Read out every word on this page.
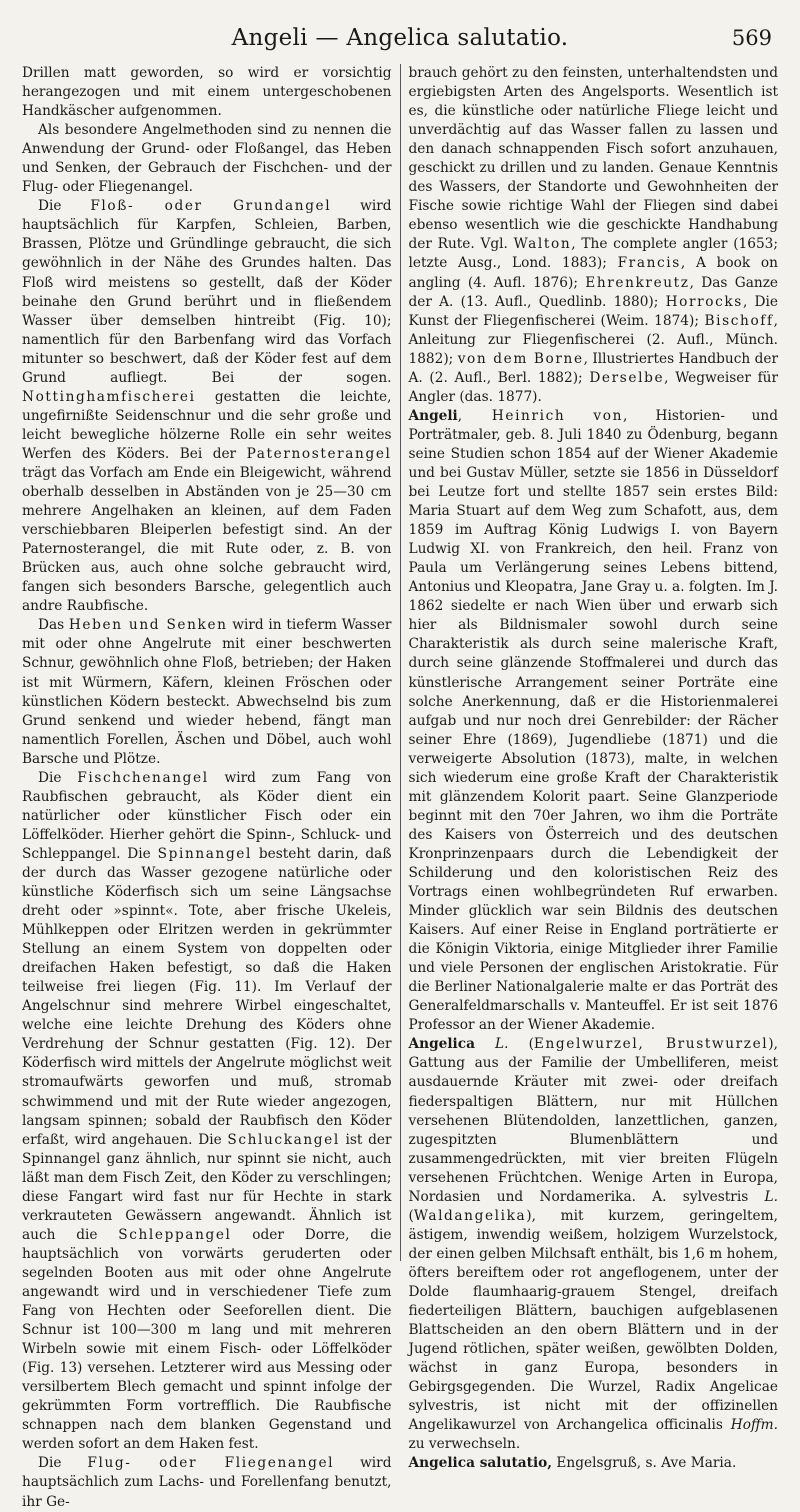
Angeli — Angelica salutatio.	569

Drillen matt geworden, so wird er vorsichtig herangezogen und mit einem untergeschobenen Handkäscher aufgenommen.

Als besondere Angelmethoden sind zu nennen die Anwendung der Grund- oder Floßangel, das Heben und Senken, der Gebrauch der Fischchen- und der Flug- oder Fliegenangel.

Die Floß- oder Grundangel wird hauptsächlich für Karpfen, Schleien, Barben, Brassen, Plötze und Gründlinge gebraucht, die sich gewöhnlich in der Nähe des Grundes halten. Das Floß wird meistens so gestellt, daß der Köder beinahe den Grund berührt und in fließendem Wasser über demselben hintreibt (Fig. 10); namentlich für den Barbenfang wird das Vorfach mitunter so beschwert, daß der Köder fest auf dem Grund aufliegt. Bei der sogen. Nottinghamfischerei gestatten die leichte, ungefirnißte Seidenschnur und die sehr große und leicht bewegliche hölzerne Rolle ein sehr weites Werfen des Köders. Bei der Paternosterangel trägt das Vorfach am Ende ein Bleigewicht, während oberhalb desselben in Abständen von je 25—30 cm mehrere Angelhaken an kleinen, auf dem Faden verschiebbaren Bleiperlen befestigt sind. An der Paternosterangel, die mit Rute oder, z. B. von Brücken aus, auch ohne solche gebraucht wird, fangen sich besonders Barsche, gelegentlich auch andre Raubfische.

Das Heben und Senken wird in tieferm Wasser mit oder ohne Angelrute mit einer beschwerten Schnur, gewöhnlich ohne Floß, betrieben; der Haken ist mit Würmern, Käfern, kleinen Fröschen oder künstlichen Ködern besteckt. Abwechselnd bis zum Grund senkend und wieder hebend, fängt man namentlich Forellen, Äschen und Döbel, auch wohl Barsche und Plötze.

Die Fischchenangel wird zum Fang von Raubfischen gebraucht, als Köder dient ein natürlicher oder künstlicher Fisch oder ein Löffelköder. Hierher gehört die Spinn-, Schluck- und Schleppangel. Die Spinnangel besteht darin, daß der durch das Wasser gezogene natürliche oder künstliche Köderfisch sich um seine Längsachse dreht oder »spinnt«. Tote, aber frische Ukeleis, Mühlkeppen oder Elritzen werden in gekrümmter Stellung an einem System von doppelten oder dreifachen Haken befestigt, so daß die Haken teilweise frei liegen (Fig. 11). Im Verlauf der Angelschnur sind mehrere Wirbel eingeschaltet, welche eine leichte Drehung des Köders ohne Verdrehung der Schnur gestatten (Fig. 12). Der Köderfisch wird mittels der Angelrute möglichst weit stromaufwärts geworfen und muß, stromab schwimmend und mit der Rute wieder angezogen, langsam spinnen; sobald der Raubfisch den Köder erfaßt, wird angehauen. Die Schluckangel ist der Spinnangel ganz ähnlich, nur spinnt sie nicht, auch läßt man dem Fisch Zeit, den Köder zu verschlingen; diese Fangart wird fast nur für Hechte in stark verkrauteten Gewässern angewandt. Ähnlich ist auch die Schleppangel oder Dorre, die hauptsächlich von vorwärts geruderten oder segelnden Booten aus mit oder ohne Angelrute angewandt wird und in verschiedener Tiefe zum Fang von Hechten oder Seeforellen dient. Die Schnur ist 100—300 m lang und mit mehreren Wirbeln sowie mit einem Fisch- oder Löffelköder (Fig. 13) versehen. Letzterer wird aus Messing oder versilbertem Blech gemacht und spinnt infolge der gekrümmten Form vortrefflich. Die Raubfische schnappen nach dem blanken Gegenstand und werden sofort an dem Haken fest.

Die Flug- oder Fliegenangel wird hauptsächlich zum Lachs- und Forellenfang benutzt, ihr Ge-

brauch gehört zu den feinsten, unterhaltendsten und ergiebigsten Arten des Angelsports. Wesentlich ist es, die künstliche oder natürliche Fliege leicht und unverdächtig auf das Wasser fallen zu lassen und den danach schnappenden Fisch sofort anzuhauen, geschickt zu drillen und zu landen. Genaue Kenntnis des Wassers, der Standorte und Gewohnheiten der Fische sowie richtige Wahl der Fliegen sind dabei ebenso wesentlich wie die geschickte Handhabung der Rute. Vgl. Walton, The complete angler (1653; letzte Ausg., Lond. 1883); Francis, A book on angling (4. Aufl. 1876); Ehrenkreutz, Das Ganze der A. (13. Aufl., Quedlinb. 1880); Horrocks, Die Kunst der Fliegenfischerei (Weim. 1874); Bischoff, Anleitung zur Fliegenfischerei (2. Aufl., Münch. 1882); von dem Borne, Illustriertes Handbuch der A. (2. Aufl., Berl. 1882); Derselbe, Wegweiser für Angler (das. 1877).

Angeli, Heinrich von, Historien- und Porträtmaler, geb. 8. Juli 1840 zu Ödenburg, begann seine Studien schon 1854 auf der Wiener Akademie und bei Gustav Müller, setzte sie 1856 in Düsseldorf bei Leutze fort und stellte 1857 sein erstes Bild: Maria Stuart auf dem Weg zum Schafott, aus, dem 1859 im Auftrag König Ludwigs I. von Bayern Ludwig XI. von Frankreich, den heil. Franz von Paula um Verlängerung seines Lebens bittend, Antonius und Kleopatra, Jane Gray u. a. folgten. Im J. 1862 siedelte er nach Wien über und erwarb sich hier als Bildnismaler sowohl durch seine Charakteristik als durch seine malerische Kraft, durch seine glänzende Stoffmalerei und durch das künstlerische Arrangement seiner Porträte eine solche Anerkennung, daß er die Historienmalerei aufgab und nur noch drei Genrebilder: der Rächer seiner Ehre (1869), Jugendliebe (1871) und die verweigerte Absolution (1873), malte, in welchen sich wiederum eine große Kraft der Charakteristik mit glänzendem Kolorit paart. Seine Glanzperiode beginnt mit den 70er Jahren, wo ihm die Porträte des Kaisers von Österreich und des deutschen Kronprinzenpaars durch die Lebendigkeit der Schilderung und den koloristischen Reiz des Vortrags einen wohlbegründeten Ruf erwarben. Minder glücklich war sein Bildnis des deutschen Kaisers. Auf einer Reise in England porträtierte er die Königin Viktoria, einige Mitglieder ihrer Familie und viele Personen der englischen Aristokratie. Für die Berliner Nationalgalerie malte er das Porträt des Generalfeldmarschalls v. Manteuffel. Er ist seit 1876 Professor an der Wiener Akademie.

Angelica L. (Engelwurzel, Brustwurzel), Gattung aus der Familie der Umbelliferen, meist ausdauernde Kräuter mit zwei- oder dreifach fiederspaltigen Blättern, nur mit Hüllchen versehenen Blütendolden, lanzettlichen, ganzen, zugespitzten Blumenblättern und zusammengedrückten, mit vier breiten Flügeln versehenen Früchtchen. Wenige Arten in Europa, Nordasien und Nordamerika. A. sylvestris L. (Waldangelika), mit kurzem, geringeltem, ästigem, inwendig weißem, holzigem Wurzelstock, der einen gelben Milchsaft enthält, bis 1,6 m hohem, öfters bereiftem oder rot angeflogenem, unter der Dolde flaumhaarig-grauem Stengel, dreifach fiederteiligen Blättern, bauchigen aufgeblasenen Blattscheiden an den obern Blättern und in der Jugend rötlichen, später weißen, gewölbten Dolden, wächst in ganz Europa, besonders in Gebirgsgegenden. Die Wurzel, Radix Angelicae sylvestris, ist nicht mit der offizinellen Angelikawurzel von Archangelica officinalis Hoffm. zu verwechseln.

Angelica salutatio, Engelsgruß, s. Ave Maria.
